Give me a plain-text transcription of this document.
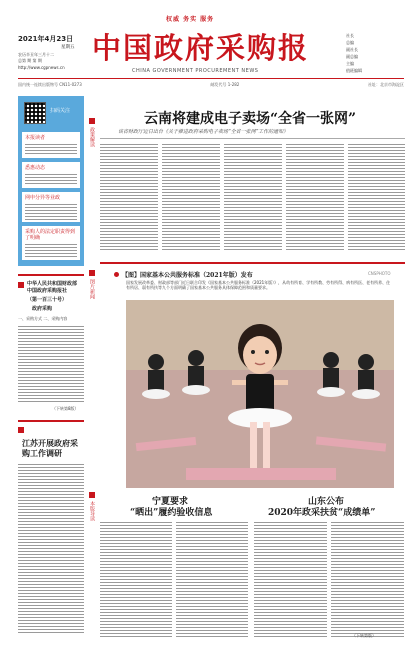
权威 务实 服务
2021年4月23日
星期五
农历辛丑年三月十二
总第 期 第 期
http://www.cgpnews.cn
中国政府采购报
CHINA GOVERNMENT PROCUREMENT NEWS
社长
总编
副社长
副总编
主编
值班编辑
国内统一连续出版物号 CN11-0273	邮发代号 1-282	社址：北京市海淀区
扫码关注
本报读者
悉惠动态
网申分异等业政
采购人的法定职责得到了明确
中华人民共和国财政部
中国政府采购报社
（第一百三十号）
政府采购
一、采购方式 二、采购内容
（下转第8版）
江苏开展政府采购工作调研
政策解读
图片新闻
本版导读
云南将建成电子卖场“全省一张网”
该省财政厅近日出台《关于推进政府采购电子卖场“全省一张网”工作的通知》
【图】国家基本公共服务标准（2021年版）发布	CNSPHOTO
国家发展改革委、财政部等部门近日联合印发《国家基本公共服务标准（2021年版）》，从幼有所育、学有所教、劳有所得、病有所医、老有所养、住有所居、弱有所扶等九个方面明确了国家基本公共服务具体保障范围和质量要求。
宁夏要求
“晒出”履约验收信息
山东公布
2020年政采扶贫“成绩单”
（下转第版）
